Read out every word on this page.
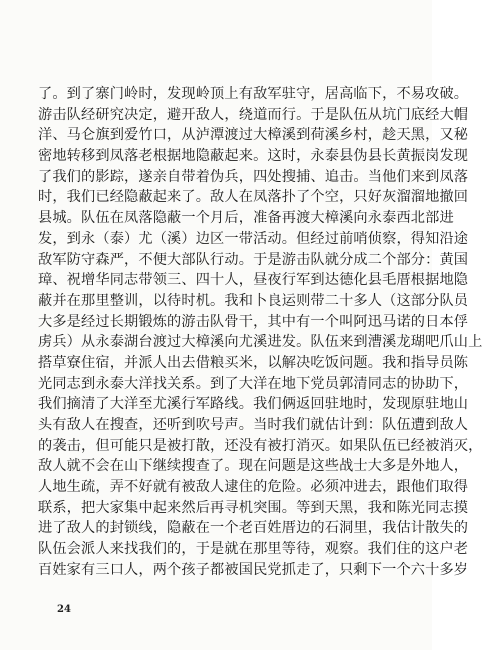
了。到了寨门岭时，发现岭顶上有敌军驻守，居高临下，不易攻破。
游击队经研究决定，避开敌人，绕道而行。于是队伍从坑门底经大帽
洋、马仑旗到爱竹口，从泸潭渡过大樟溪到荷溪乡村，趁天黑，又秘
密地转移到凤落老根据地隐蔽起来。这时，永泰县伪县长黄振岗发现
了我们的影踪，遂亲自带着伪兵，四处搜捕、追击。当他们来到凤落
时，我们已经隐蔽起来了。敌人在凤落扑了个空，只好灰溜溜地撤回
县城。队伍在凤落隐蔽一个月后，准备再渡大樟溪向永泰西北部进
发，到永（泰）尤（溪）边区一带活动。但经过前哨侦察，得知沿途
敌军防守森严，不便大部队行动。于是游击队就分成二个部分：黄国
璋、祝增华同志带领三、四十人，昼夜行军到达德化县毛厝根据地隐
蔽并在那里整训，以待时机。我和卜良运则带二十多人（这部分队员
大多是经过长期锻炼的游击队骨干，其中有一个叫阿迅马诺的日本俘
虏兵）从永泰湖台渡过大樟溪向尤溪进发。队伍来到漕溪龙瑚吧爪山上
搭草寮住宿，并派人出去借粮买米，以解决吃饭问题。我和指导员陈
光同志到永泰大洋找关系。到了大洋在地下党员郭清同志的协助下，
我们摘清了大洋至尤溪行军路线。我们俩返回驻地时，发现原驻地山
头有敌人在搜查，还听到吹号声。当时我们就估计到：队伍遭到敌人
的袭击，但可能只是被打散，还没有被打消灭。如果队伍已经被消灭，
敌人就不会在山下继续搜查了。现在问题是这些战士大多是外地人，
人地生疏，弄不好就有被敌人逮住的危险。必须冲进去，跟他们取得
联系，把大家集中起来然后再寻机突围。等到天黑，我和陈光同志摸
进了敌人的封锁线，隐蔽在一个老百姓厝边的石洞里，我估计散失的
队伍会派人来找我们的，于是就在那里等待，观察。我们住的这户老
百姓家有三口人，两个孩子都被国民党抓走了，只剩下一个六十多岁
24
